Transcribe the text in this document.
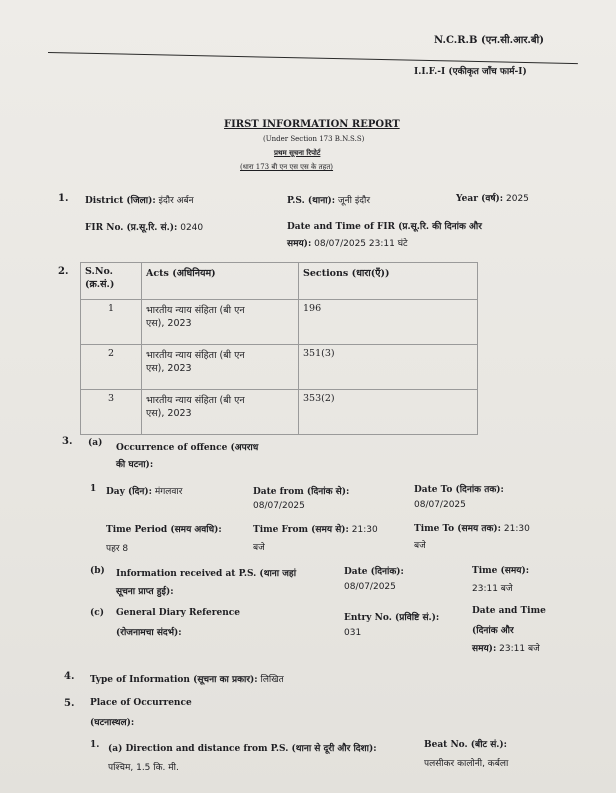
N.C.R.B (एन.सी.आर.बी)
I.I.F.-I (एकीकृत जाँच फार्म-I)
FIRST INFORMATION REPORT
(Under Section 173 B.N.S.S)
प्रथम सूचना रिपोर्ट
(धारा 173 बी एन एस एस के तहत)
1. District (जिला): इंदौर अर्बन	P.S. (थाना): जूनी इंदौर	Year (वर्ष): 2025
FIR No. (प्र.सू.रि. सं.): 0240	Date and Time of FIR (प्र.सू.रि. की दिनांक और
समय): 08/07/2025 23:11 घंटे
2. S.No.
(क्र.सं.)	Acts (अधिनियम)	Sections (धारा(एँ))
1	भारतीय न्याय संहिता (बी एन
एस), 2023	196
2	भारतीय न्याय संहिता (बी एन
एस), 2023	351(3)
3	भारतीय न्याय संहिता (बी एन
एस), 2023	353(2)
3. (a) Occurrence of offence (अपराध
की घटना):
1 Day (दिन): मंगलवार	Date from (दिनांक से):
08/07/2025
Date To (दिनांक तक):
08/07/2025
Time Period (समय अवधि):
पहर 8
Time From (समय से): 21:30
बजे
Time To (समय तक): 21:30
बजे
(b) Information received at P.S. (थाना जहां
सूचना प्राप्त हुई):
Date (दिनांक):
08/07/2025
Time (समय):
23:11 बजे
(c) General Diary Reference
(रोजनामचा संदर्भ):
Entry No. (प्रविष्टि सं.):
031
Date and Time
(दिनांक और
समय): 23:11 बजे
4. Type of Information (सूचना का प्रकार): लिखित
5. Place of Occurrence
(घटनास्थल):
1. (a) Direction and distance from P.S. (थाना से दूरी और दिशा):
पश्चिम, 1.5 कि. मी.
Beat No. (बीट सं.):
पलसीकर कालोनी, कर्बला
